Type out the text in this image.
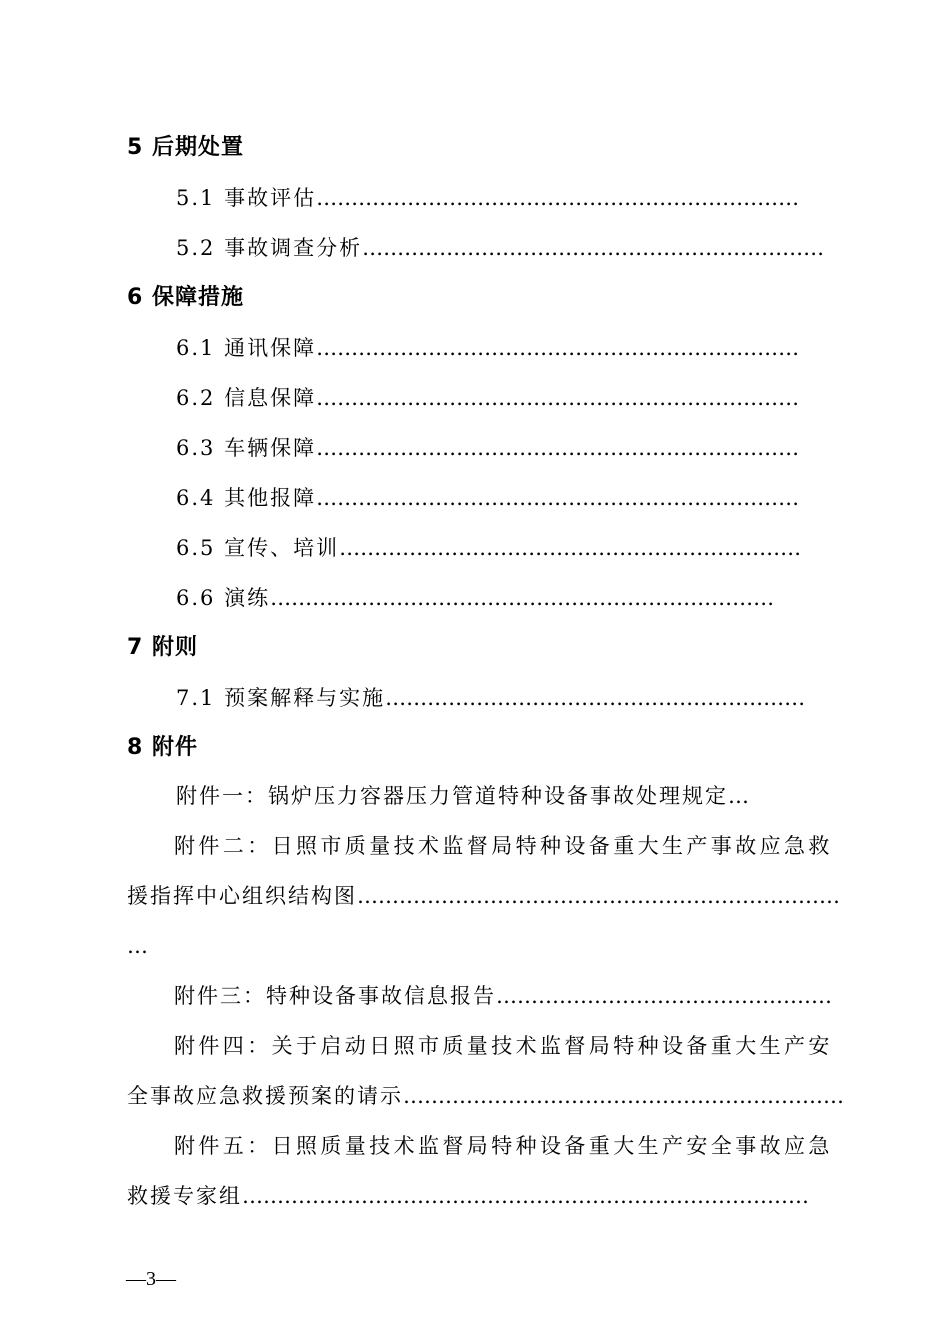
5 后期处置
5.1 事故评估……………………………………………………………
5.2 事故调查分析…………………………………………………………
6 保障措施
6.1 通讯保障……………………………………………………………
6.2 信息保障……………………………………………………………
6.3 车辆保障……………………………………………………………
6.4 其他报障……………………………………………………………
6.5 宣传、培训…………………………………………………………
6.6 演练………………………………………………………………
7 附则
7.1 预案解释与实施……………………………………………………
8 附件
附件一：锅炉压力容器压力管道特种设备事故处理规定…
附件二：日照市质量技术监督局特种设备重大生产事故应急救
援指挥中心组织结构图……………………………………………………………
…
附件三：特种设备事故信息报告…………………………………………
附件四：关于启动日照市质量技术监督局特种设备重大生产安
全事故应急救援预案的请示………………………………………………………
附件五：日照质量技术监督局特种设备重大生产安全事故应急
救援专家组………………………………………………………………………
—3—
